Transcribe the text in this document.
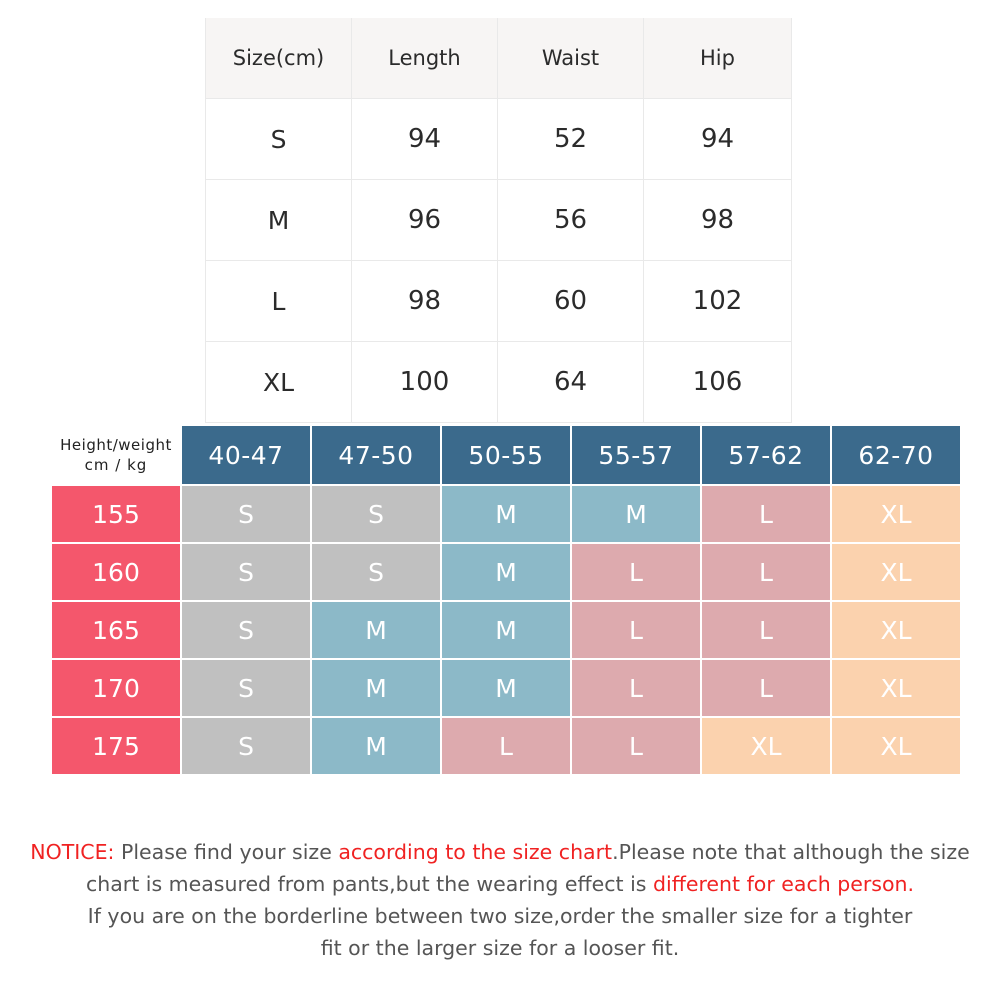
Size(cm)	Length	Waist	Hip
S	94	52	94
M	96	56	98
L	98	60	102
XL	100	64	106
Height/weight
cm / kg	40-47	47-50	50-55	55-57	57-62	62-70
155	S	S	M	M	L	XL
160	S	S	M	L	L	XL
165	S	M	M	L	L	XL
170	S	M	M	L	L	XL
175	S	M	L	L	XL	XL
NOTICE: Please find your size according to the size chart.Please note that although the size
chart is measured from pants,but the wearing effect is different for each person.
If you are on the borderline between two size,order the smaller size for a tighter
fit or the larger size for a looser fit.
